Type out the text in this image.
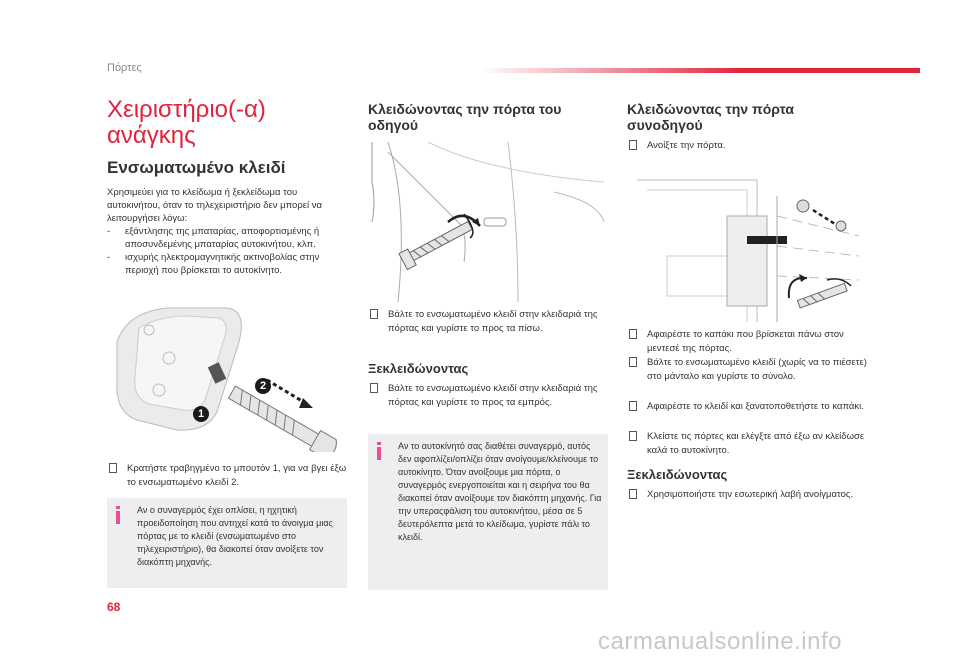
Πόρτες
Χειριστήριο(-α) ανάγκης
Ενσωματωμένο κλειδί
Χρησιμεύει για το κλείδωμα ή ξεκλείδωμα του αυτοκινήτου, όταν το τηλεχειριστήριο δεν μπορεί να λειτουργήσει λόγω:
- εξάντλησης της μπαταρίας, αποφορτισμένης ή αποσυνδεμένης μπαταρίας αυτοκινήτου, κλπ.
- ισχυρής ηλεκτρομαγνητικής ακτινοβολίας στην περιοχή που βρίσκεται το αυτοκίνητο.
1
2
Κρατήστε τραβηγμένο το μπουτόν 1, για να βγει έξω το ενσωματωμένο κλειδί 2.
Αν ο συναγερμός έχει οπλίσει, η ηχητική προειδοποίηση που αντηχεί κατά το άνοιγμα μιας πόρτας με το κλειδί (ενσωματωμένο στο τηλεχειριστήριο), θα διακοπεί όταν ανοίξετε τον διακόπτη μηχανής.
Κλειδώνοντας την πόρτα του οδηγού
Βάλτε το ενσωματωμένο κλειδί στην κλειδαριά της πόρτας και γυρίστε το προς τα πίσω.
Ξεκλειδώνοντας
Βάλτε το ενσωματωμένο κλειδί στην κλειδαριά της πόρτας και γυρίστε το προς τα εμπρός.
Αν το αυτοκίνητό σας διαθέτει συναγερμό, αυτός δεν αφοπλίζει/οπλίζει όταν ανοίγουμε/κλείνουμε το αυτοκίνητο. Όταν ανοίξουμε μια πόρτα, ο συναγερμός ενεργοποιείται και η σειρήνα του θα διακοπεί όταν ανοίξουμε τον διακόπτη μηχανής. Για την υπεραςφάλιση του αυτοκινήτου, μέσα σε 5 δευτερόλεπτα μετά το κλείδωμα, γυρίστε πάλι το κλειδί.
Κλειδώνοντας την πόρτα συνοδηγού
Ανοίξτε την πόρτα.
Αφαιρέστε το καπάκι που βρίσκεται πάνω στον μεντεσέ της πόρτας.
Βάλτε το ενσωματωμένο κλειδί (χωρίς να το πιέσετε) στο μάνταλο και γυρίστε το σύνολο.
Αφαιρέστε το κλειδί και ξανατοποθετήστε το καπάκι.
Κλείστε τις πόρτες και ελέγξτε από έξω αν κλείδωσε καλά το αυτοκίνητο.
Ξεκλειδώνοντας
Χρησιμοποιήστε την εσωτερική λαβή ανοίγματος.
68
carmanualsonline.info
